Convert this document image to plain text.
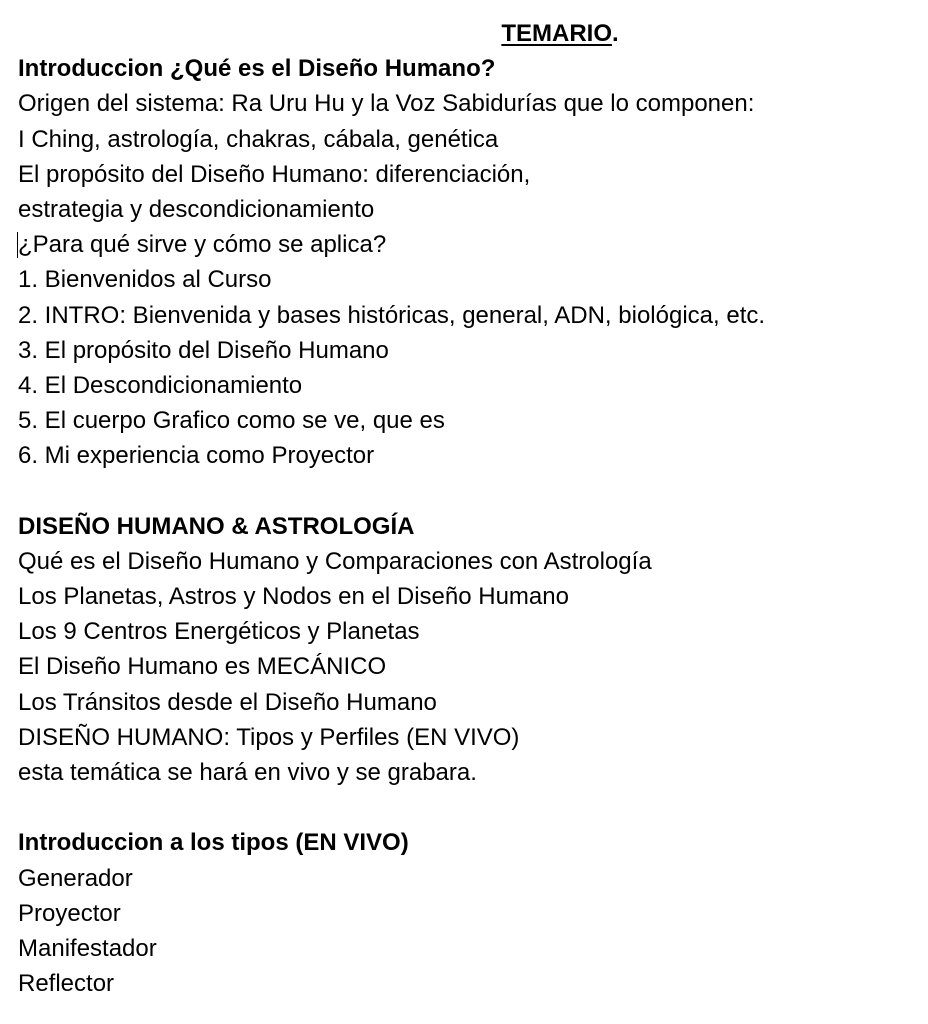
TEMARIO.
Introduccion ¿Qué es el Diseño Humano?
Origen del sistema: Ra Uru Hu y la Voz Sabidurías que lo componen:
I Ching, astrología, chakras, cábala, genética
El propósito del Diseño Humano: diferenciación,
estrategia y descondicionamiento
¿Para qué sirve y cómo se aplica?
1. Bienvenidos al Curso
2. INTRO: Bienvenida y bases históricas, general, ADN, biológica, etc.
3. El propósito del Diseño Humano
4. El Descondicionamiento
5. El cuerpo Grafico como se ve, que es
6. Mi experiencia como Proyector
DISEÑO HUMANO & ASTROLOGÍA
Qué es el Diseño Humano y Comparaciones con Astrología
Los Planetas, Astros y Nodos en el Diseño Humano
Los 9 Centros Energéticos y Planetas
El Diseño Humano es MECÁNICO
Los Tránsitos desde el Diseño Humano
DISEÑO HUMANO: Tipos y Perfiles (EN VIVO)
esta temática se hará en vivo y se grabara.
Introduccion a los tipos (EN VIVO)
Generador
Proyector
Manifestador
Reflector
